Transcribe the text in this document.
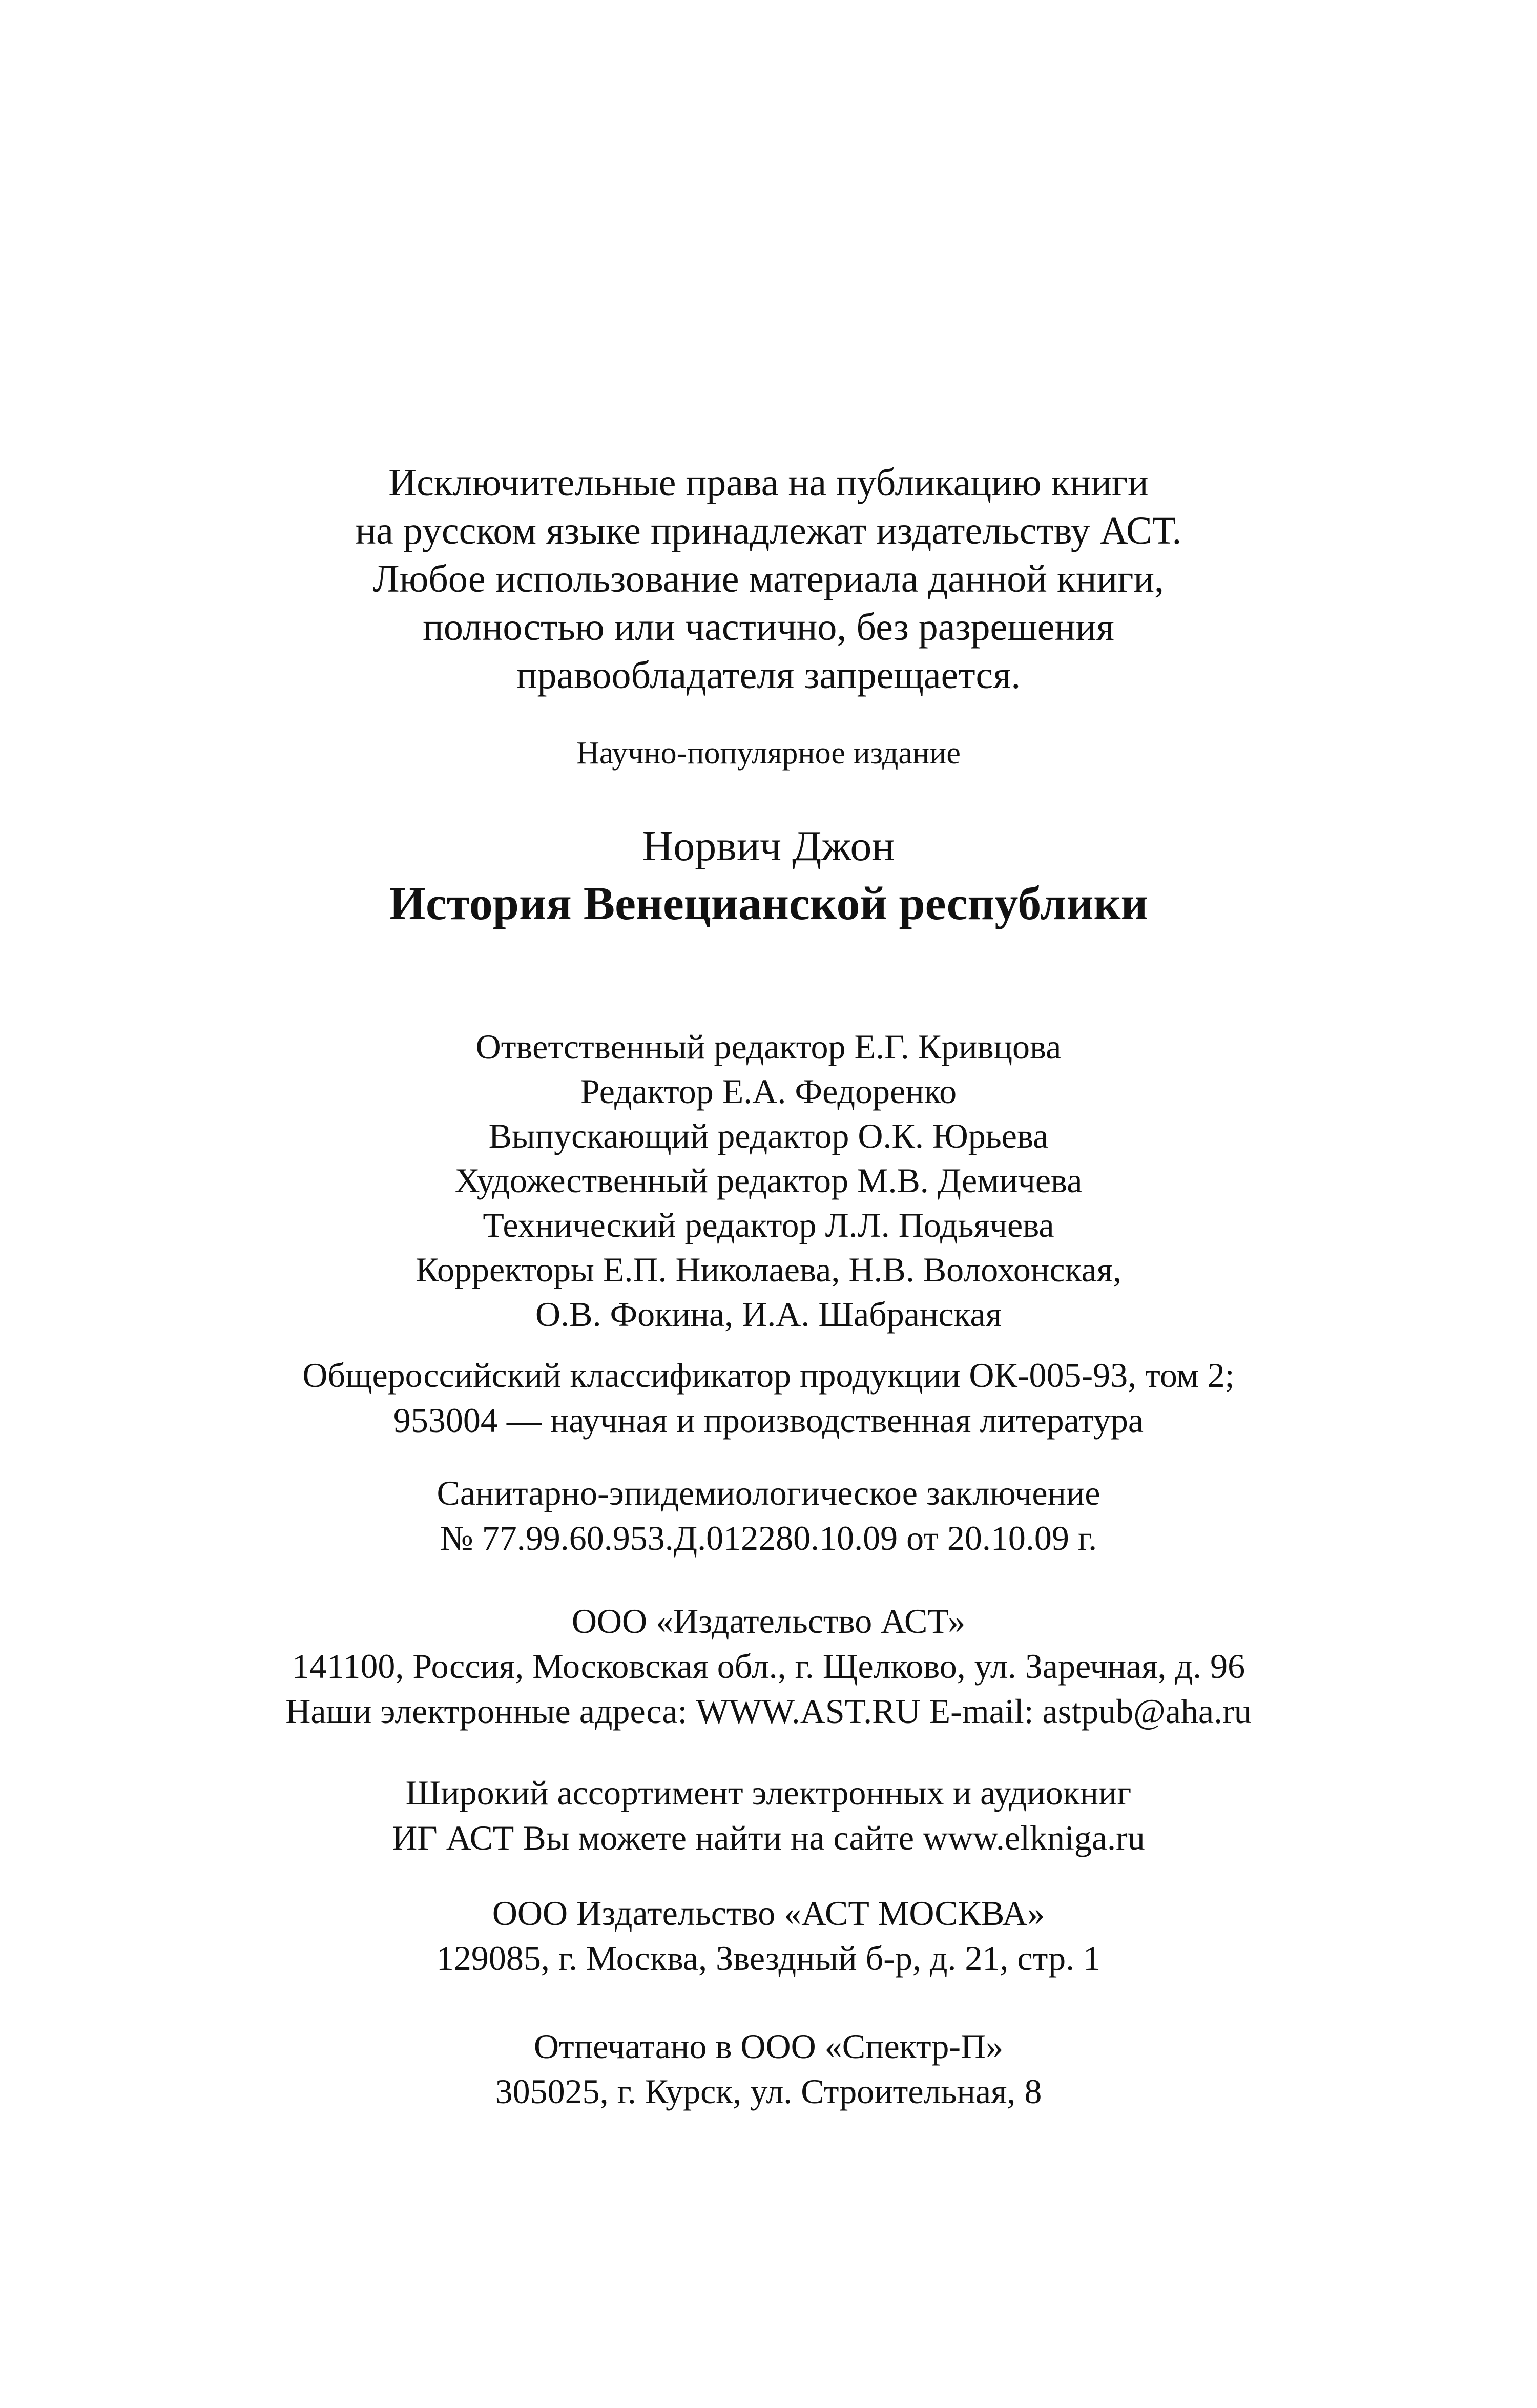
Исключительные права на публикацию книги
на русском языке принадлежат издательству АСТ.
Любое использование материала данной книги,
полностью или частично, без разрешения
правообладателя запрещается.
Научно-популярное издание
Норвич Джон
История Венецианской республики
Ответственный редактор Е.Г. Кривцова
Редактор Е.А. Федоренко
Выпускающий редактор О.К. Юрьева
Художественный редактор М.В. Демичева
Технический редактор Л.Л. Подьячева
Корректоры Е.П. Николаева, Н.В. Волохонская,
О.В. Фокина, И.А. Шабранская
Общероссийский классификатор продукции ОК-005-93, том 2;
953004 — научная и производственная литература
Санитарно-эпидемиологическое заключение
№ 77.99.60.953.Д.012280.10.09 от 20.10.09 г.
ООО «Издательство АСТ»
141100, Россия, Московская обл., г. Щелково, ул. Заречная, д. 96
Наши электронные адреса: WWW.AST.RU E-mail: astpub@aha.ru
Широкий ассортимент электронных и аудиокниг
ИГ АСТ Вы можете найти на сайте www.elkniga.ru
ООО Издательство «АСТ МОСКВА»
129085, г. Москва, Звездный б-р, д. 21, стр. 1
Отпечатано в ООО «Спектр-П»
305025, г. Курск, ул. Строительная, 8
